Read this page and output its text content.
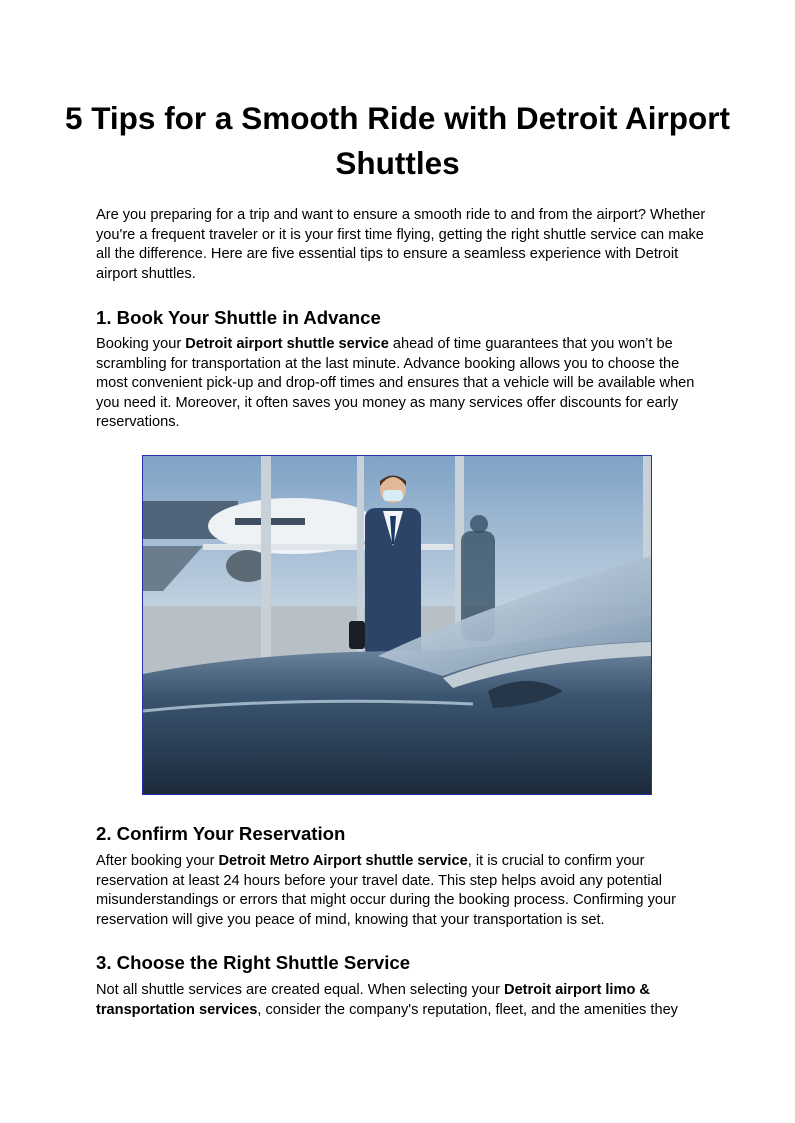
5 Tips for a Smooth Ride with Detroit Airport Shuttles

Are you preparing for a trip and want to ensure a smooth ride to and from the airport? Whether you're a frequent traveler or it is your first time flying, getting the right shuttle service can make all the difference. Here are five essential tips to ensure a seamless experience with Detroit airport shuttles.

1. Book Your Shuttle in Advance

Booking your Detroit airport shuttle service ahead of time guarantees that you won’t be scrambling for transportation at the last minute. Advance booking allows you to choose the most convenient pick-up and drop-off times and ensures that a vehicle will be available when you need it. Moreover, it often saves you money as many services offer discounts for early reservations.

2. Confirm Your Reservation

After booking your Detroit Metro Airport shuttle service, it is crucial to confirm your reservation at least 24 hours before your travel date. This step helps avoid any potential misunderstandings or errors that might occur during the booking process. Confirming your reservation will give you peace of mind, knowing that your transportation is set.

3. Choose the Right Shuttle Service

Not all shuttle services are created equal. When selecting your Detroit airport limo & transportation services, consider the company's reputation, fleet, and the amenities they
